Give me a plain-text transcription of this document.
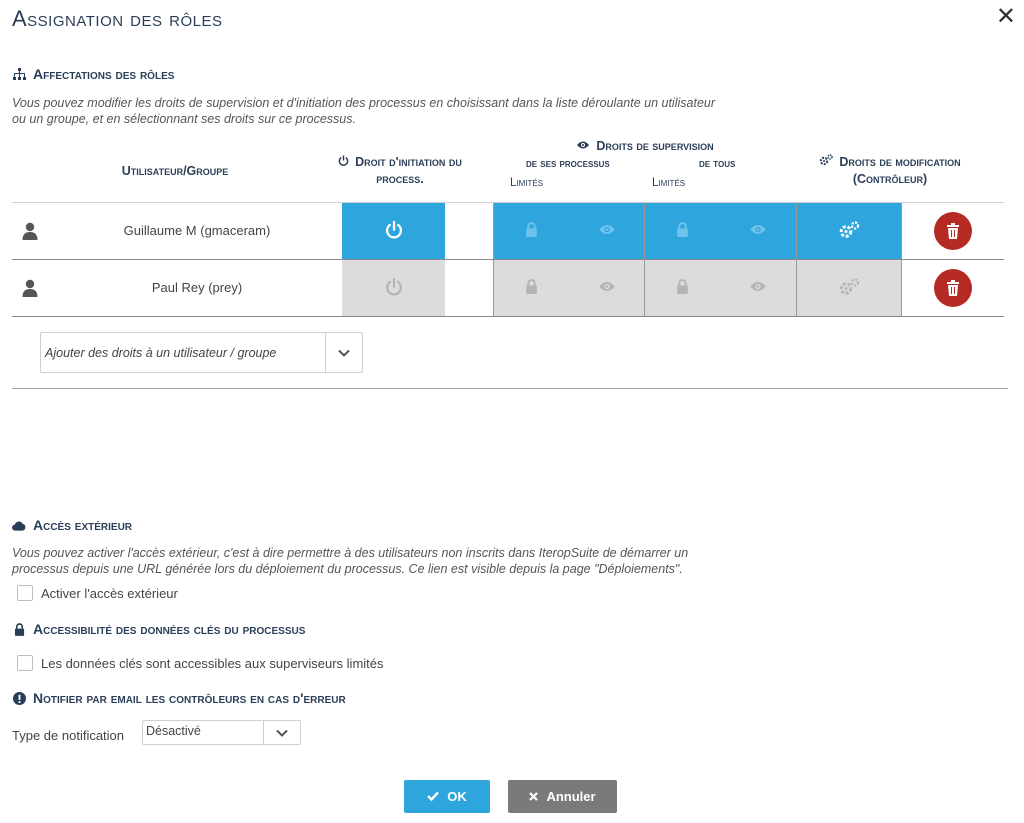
Assignation des rôles	✕
Affectations des rôles
Vous pouvez modifier les droits de supervision et d'initiation des processus en choisissant dans la liste déroulante un utilisateur
ou un groupe, et en sélectionnant ses droits sur ce processus.
Utilisateur/Groupe
Droit d'initiation du
process.
Droits de supervision
de ses processus	de tous
Limités	Limités
Droits de modification
(Contrôleur)
Guillaume M (gmaceram)
Paul Rey (prey)
Ajouter des droits à un utilisateur / groupe
Accès extérieur
Vous pouvez activer l'accès extérieur, c'est à dire permettre à des utilisateurs non inscrits dans IteropSuite de démarrer un
processus depuis une URL générée lors du déploiement du processus. Ce lien est visible depuis la page "Déploiements".
Activer l'accès extérieur
Accessibilité des données clés du processus
Les données clés sont accessibles aux superviseurs limités
Notifier par email les contrôleurs en cas d'erreur
Type de notification Désactivé
OK	Annuler
